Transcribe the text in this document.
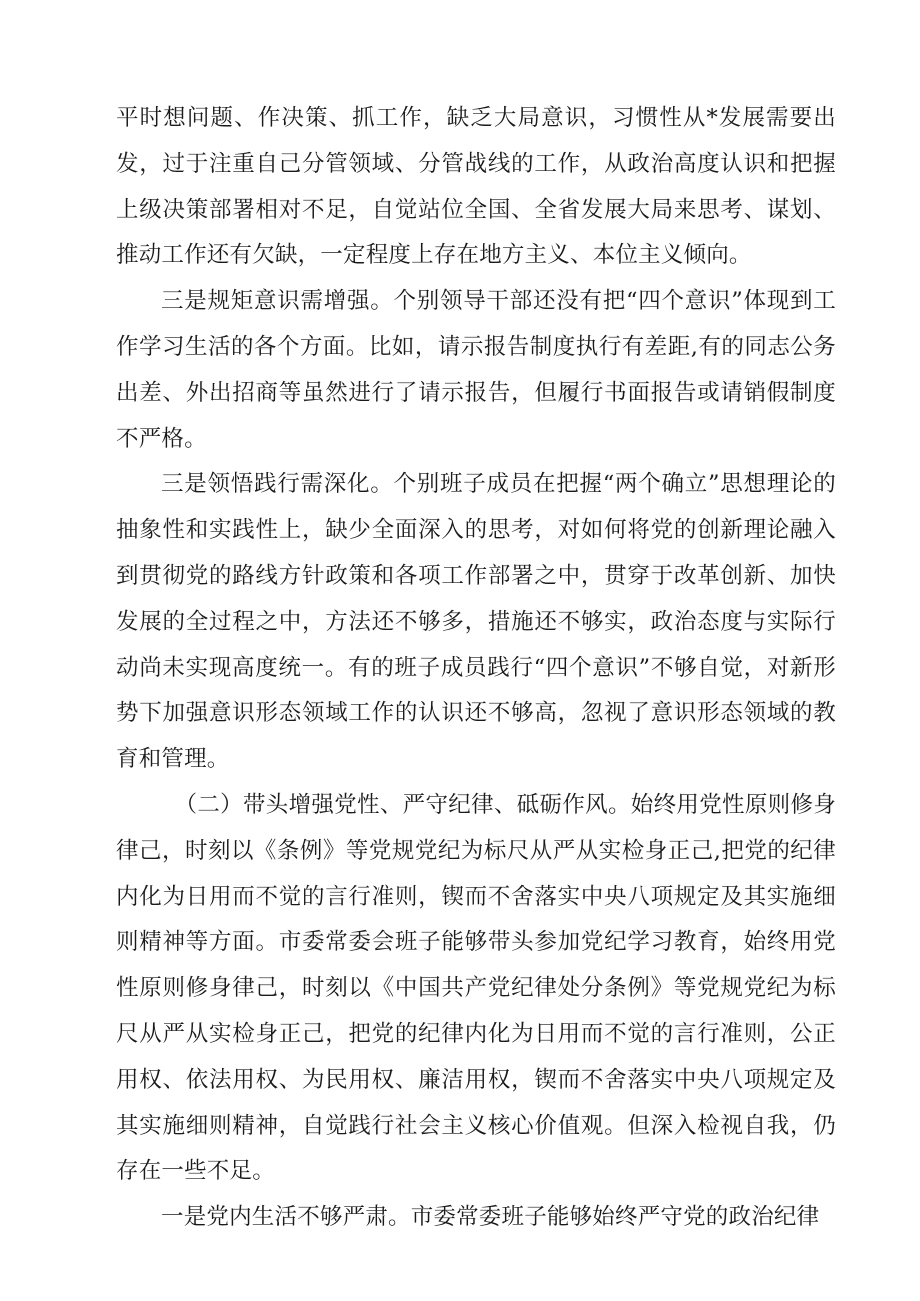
平时想问题、作决策、抓工作，缺乏大局意识，习惯性从*发展需要出发，过于注重自己分管领域、分管战线的工作，从政治高度认识和把握上级决策部署相对不足，自觉站位全国、全省发展大局来思考、谋划、推动工作还有欠缺，一定程度上存在地方主义、本位主义倾向。

三是规矩意识需增强。个别领导干部还没有把“四个意识”体现到工作学习生活的各个方面。比如，请示报告制度执行有差距,有的同志公务出差、外出招商等虽然进行了请示报告，但履行书面报告或请销假制度不严格。

三是领悟践行需深化。个别班子成员在把握“两个确立”思想理论的抽象性和实践性上，缺少全面深入的思考，对如何将党的创新理论融入到贯彻党的路线方针政策和各项工作部署之中，贯穿于改革创新、加快发展的全过程之中，方法还不够多，措施还不够实，政治态度与实际行动尚未实现高度统一。有的班子成员践行“四个意识”不够自觉，对新形势下加强意识形态领域工作的认识还不够高，忽视了意识形态领域的教育和管理。

（二）带头增强党性、严守纪律、砥砺作风。始终用党性原则修身律己，时刻以《条例》等党规党纪为标尺从严从实检身正己,把党的纪律内化为日用而不觉的言行准则，锲而不舍落实中央八项规定及其实施细则精神等方面。市委常委会班子能够带头参加党纪学习教育，始终用党性原则修身律己，时刻以《中国共产党纪律处分条例》等党规党纪为标尺从严从实检身正己，把党的纪律内化为日用而不觉的言行准则，公正用权、依法用权、为民用权、廉洁用权，锲而不舍落实中央八项规定及其实施细则精神，自觉践行社会主义核心价值观。但深入检视自我，仍存在一些不足。

一是党内生活不够严肃。市委常委班子能够始终严守党的政治纪律
